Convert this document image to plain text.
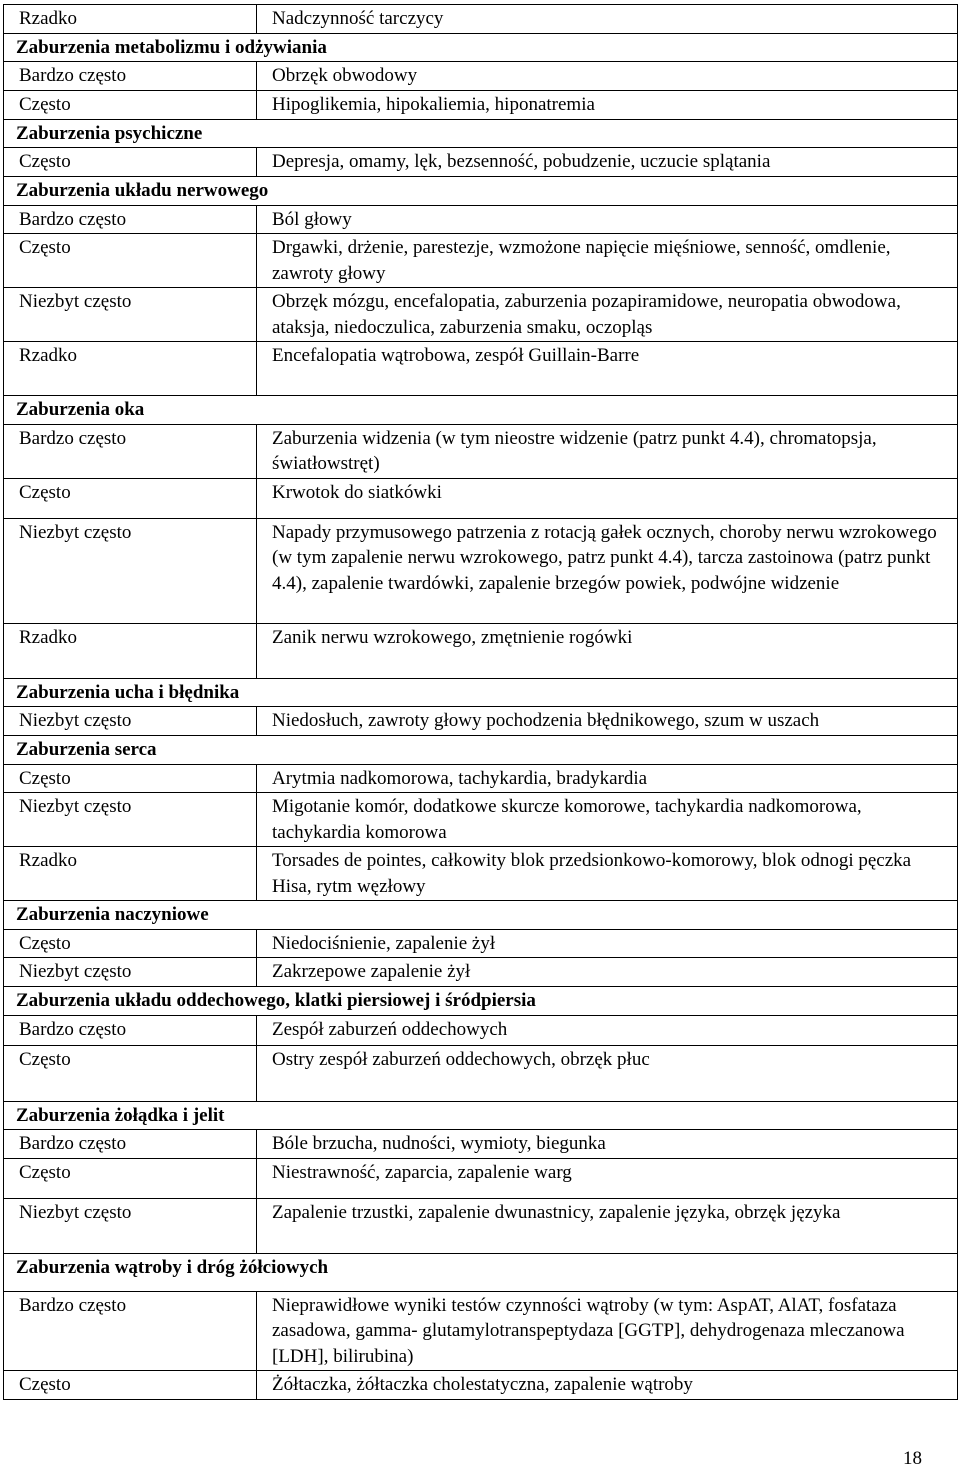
Rzadko	Nadczynność tarczycy
Zaburzenia metabolizmu i odżywiania	
Bardzo często	Obrzęk obwodowy
Często	Hipoglikemia, hipokaliemia, hiponatremia
Zaburzenia psychiczne	
Często	Depresja, omamy, lęk, bezsenność, pobudzenie, uczucie splątania
Zaburzenia układu nerwowego	
Bardzo często	Ból głowy
Często	Drgawki, drżenie, parestezje, wzmożone napięcie mięśniowe, senność, omdlenie, zawroty głowy
Niezbyt często	Obrzęk mózgu, encefalopatia, zaburzenia pozapiramidowe, neuropatia obwodowa, ataksja, niedoczulica, zaburzenia smaku, oczopląs
Rzadko	Encefalopatia wątrobowa, zespół Guillain-Barre
Zaburzenia oka	
Bardzo często	Zaburzenia widzenia (w tym nieostre widzenie (patrz punkt 4.4), chromatopsja, światłowstręt)
Często	Krwotok do siatkówki
Niezbyt często	Napady przymusowego patrzenia z rotacją gałek ocznych, choroby nerwu wzrokowego (w tym zapalenie nerwu wzrokowego, patrz punkt 4.4), tarcza zastoinowa (patrz punkt 4.4), zapalenie twardówki, zapalenie brzegów powiek, podwójne widzenie
Rzadko	Zanik nerwu wzrokowego, zmętnienie rogówki
Zaburzenia ucha i błędnika	
Niezbyt często	Niedosłuch, zawroty głowy pochodzenia błędnikowego, szum w uszach
Zaburzenia serca	
Często	Arytmia nadkomorowa, tachykardia, bradykardia
Niezbyt często	Migotanie komór, dodatkowe skurcze komorowe, tachykardia nadkomorowa, tachykardia komorowa
Rzadko	Torsades de pointes, całkowity blok przedsionkowo-komorowy, blok odnogi pęczka Hisa, rytm węzłowy
Zaburzenia naczyniowe	
Często	Niedociśnienie, zapalenie żył
Niezbyt często	Zakrzepowe zapalenie żył
Zaburzenia układu oddechowego, klatki piersiowej i śródpiersia	
Bardzo często	Zespół zaburzeń oddechowych
Często	Ostry zespół zaburzeń oddechowych, obrzęk płuc
Zaburzenia żołądka i jelit	
Bardzo często	Bóle brzucha, nudności, wymioty, biegunka
Często	Niestrawność, zaparcia, zapalenie warg
Niezbyt często	Zapalenie trzustki, zapalenie dwunastnicy, zapalenie języka, obrzęk języka
Zaburzenia wątroby i dróg żółciowych	
Bardzo często	Nieprawidłowe wyniki testów czynności wątroby (w tym: AspAT, AlAT, fosfataza zasadowa, gamma- glutamylotranspeptydaza [GGTP], dehydrogenaza mleczanowa [LDH], bilirubina)
Często	Żółtaczka, żółtaczka cholestatyczna, zapalenie wątroby
18
